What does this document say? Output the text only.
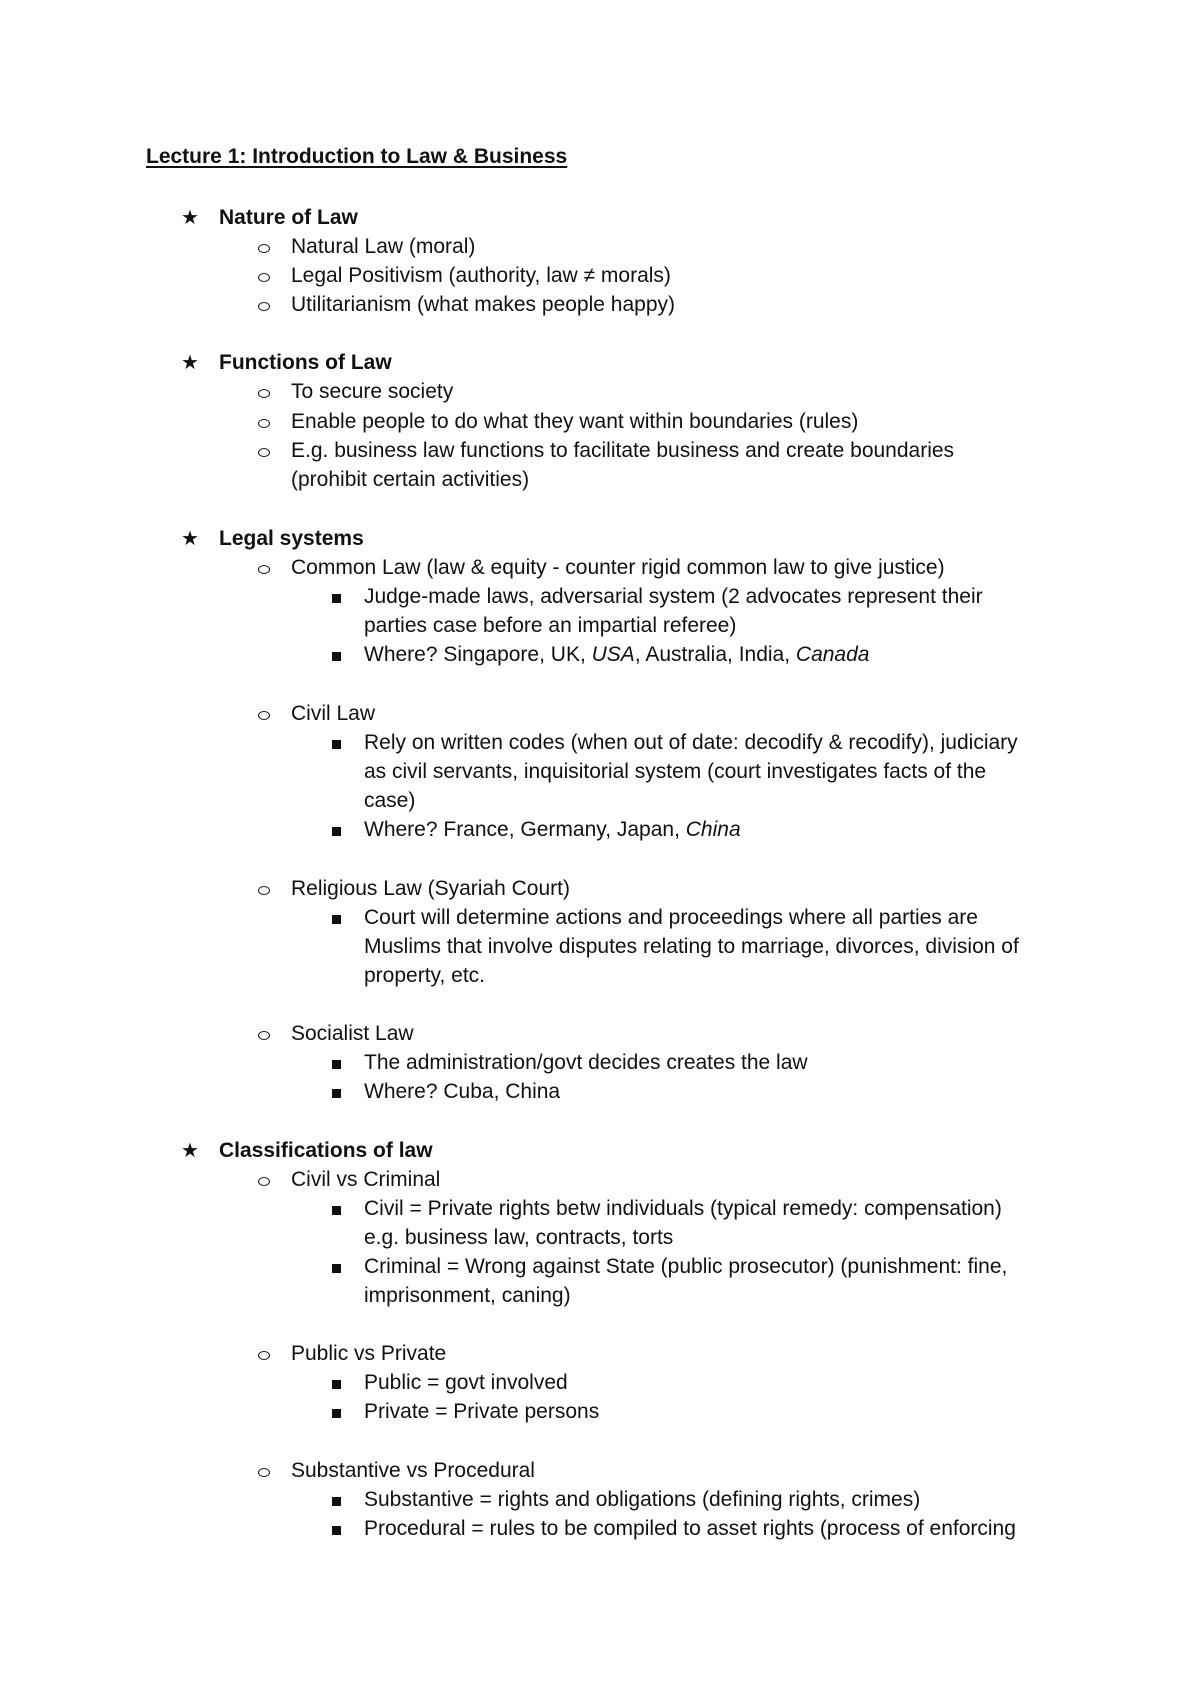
Lecture 1: Introduction to Law & Business
★ Nature of Law
Natural Law (moral)
Legal Positivism (authority, law ≠ morals)
Utilitarianism (what makes people happy)
★ Functions of Law
To secure society
Enable people to do what they want within boundaries (rules)
E.g. business law functions to facilitate business and create boundaries
(prohibit certain activities)
★ Legal systems
Common Law (law & equity - counter rigid common law to give justice)
Judge-made laws, adversarial system (2 advocates represent their
parties case before an impartial referee)
Where? Singapore, UK, USA, Australia, India, Canada
Civil Law
Rely on written codes (when out of date: decodify & recodify), judiciary
as civil servants, inquisitorial system (court investigates facts of the
case)
Where? France, Germany, Japan, China
Religious Law (Syariah Court)
Court will determine actions and proceedings where all parties are
Muslims that involve disputes relating to marriage, divorces, division of
property, etc.
Socialist Law
The administration/govt decides creates the law
Where? Cuba, China
★ Classifications of law
Civil vs Criminal
Civil = Private rights betw individuals (typical remedy: compensation)
e.g. business law, contracts, torts
Criminal = Wrong against State (public prosecutor) (punishment: fine,
imprisonment, caning)
Public vs Private
Public = govt involved
Private = Private persons
Substantive vs Procedural
Substantive = rights and obligations (defining rights, crimes)
Procedural = rules to be compiled to asset rights (process of enforcing
